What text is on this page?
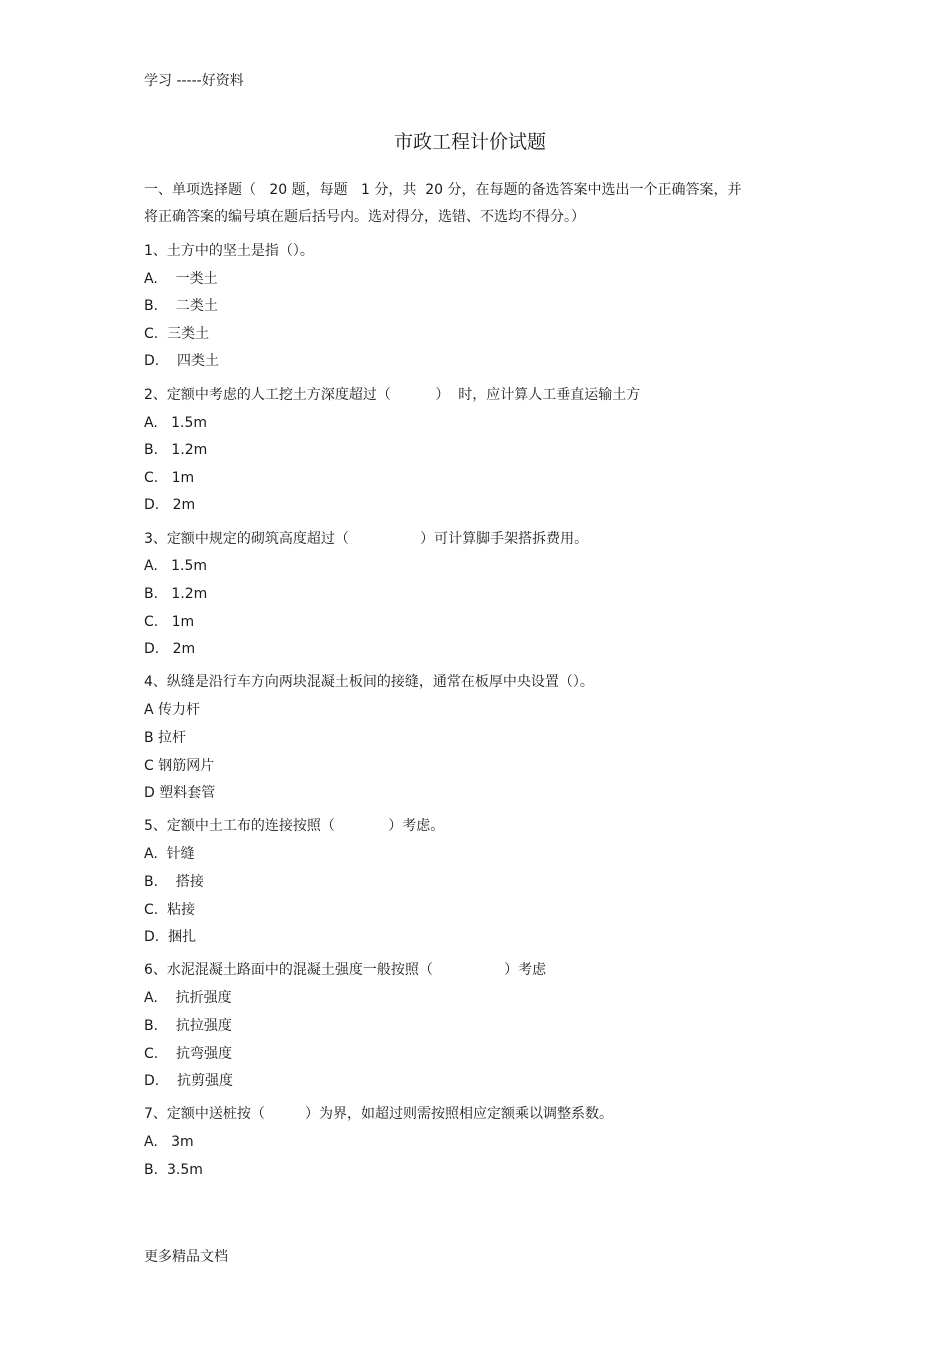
学习 -----好资料
市政工程计价试题
一、单项选择题（   20 题，每题   1 分，共  20 分，在每题的备选答案中选出一个正确答案，并
将正确答案的编号填在题后括号内。选对得分，选错、不选均不得分。）
1、土方中的坚土是指（）。
A.    一类土
B.    二类土
C.  三类土
D.    四类土
2、定额中考虑的人工挖土方深度超过（          ）  时，应计算人工垂直运输土方
A.   1.5m
B.   1.2m
C.   1m
D.   2m
3、定额中规定的砌筑高度超过（                ）可计算脚手架搭拆费用。
A.   1.5m
B.   1.2m
C.   1m
D.   2m
4、纵缝是沿行车方向两块混凝土板间的接缝，通常在板厚中央设置（）。
A 传力杆
B 拉杆
C 钢筋网片
D 塑料套管
5、定额中土工布的连接按照（            ）考虑。
A.  针缝
B.    搭接
C.  粘接
D.  捆扎
6、水泥混凝土路面中的混凝土强度一般按照（                ）考虑
A.    抗折强度
B.    抗拉强度
C.    抗弯强度
D.    抗剪强度
7、定额中送桩按（         ）为界，如超过则需按照相应定额乘以调整系数。
A.   3m
B.  3.5m
更多精品文档
